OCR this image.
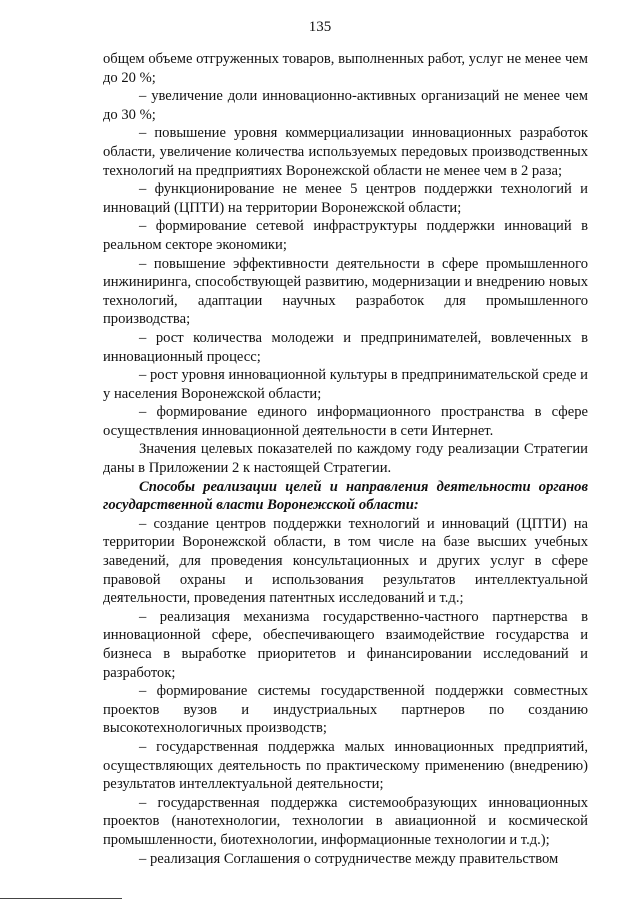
135

общем объеме отгруженных товаров, выполненных работ, услуг не менее чем до 20 %;

– увеличение доли инновационно-активных организаций не менее чем до 30 %;

– повышение уровня коммерциализации инновационных разработок области, увеличение количества используемых передовых производственных технологий на предприятиях Воронежской области не менее чем в 2 раза;

– функционирование не менее 5 центров поддержки технологий и инноваций (ЦПТИ) на территории Воронежской области;

– формирование сетевой инфраструктуры поддержки инноваций в реальном секторе экономики;

– повышение эффективности деятельности в сфере промышленного инжиниринга, способствующей развитию, модернизации и внедрению новых технологий, адаптации научных разработок для промышленного производства;

– рост количества молодежи и предпринимателей, вовлеченных в инновационный процесс;

– рост уровня инновационной культуры в предпринимательской среде и у населения Воронежской области;

– формирование единого информационного пространства в сфере осуществления инновационной деятельности в сети Интернет.

Значения целевых показателей по каждому году реализации Стратегии даны в Приложении 2 к настоящей Стратегии.

Способы реализации целей и направления деятельности органов государственной власти Воронежской области:

– создание центров поддержки технологий и инноваций (ЦПТИ) на территории Воронежской области, в том числе на базе высших учебных заведений, для проведения консультационных и других услуг в сфере правовой охраны и использования результатов интеллектуальной деятельности, проведения патентных исследований и т.д.;

– реализация механизма государственно-частного партнерства в инновационной сфере, обеспечивающего взаимодействие государства и бизнеса в выработке приоритетов и финансировании исследований и разработок;

– формирование системы государственной поддержки совместных проектов вузов и индустриальных партнеров по созданию высокотехнологичных производств;

– государственная поддержка малых инновационных предприятий, осуществляющих деятельность по практическому применению (внедрению) результатов интеллектуальной деятельности;

– государственная поддержка системообразующих инновационных проектов (нанотехнологии, технологии в авиационной и космической промышленности, биотехнологии, информационные технологии и т.д.);

– реализация Соглашения о сотрудничестве между правительством
